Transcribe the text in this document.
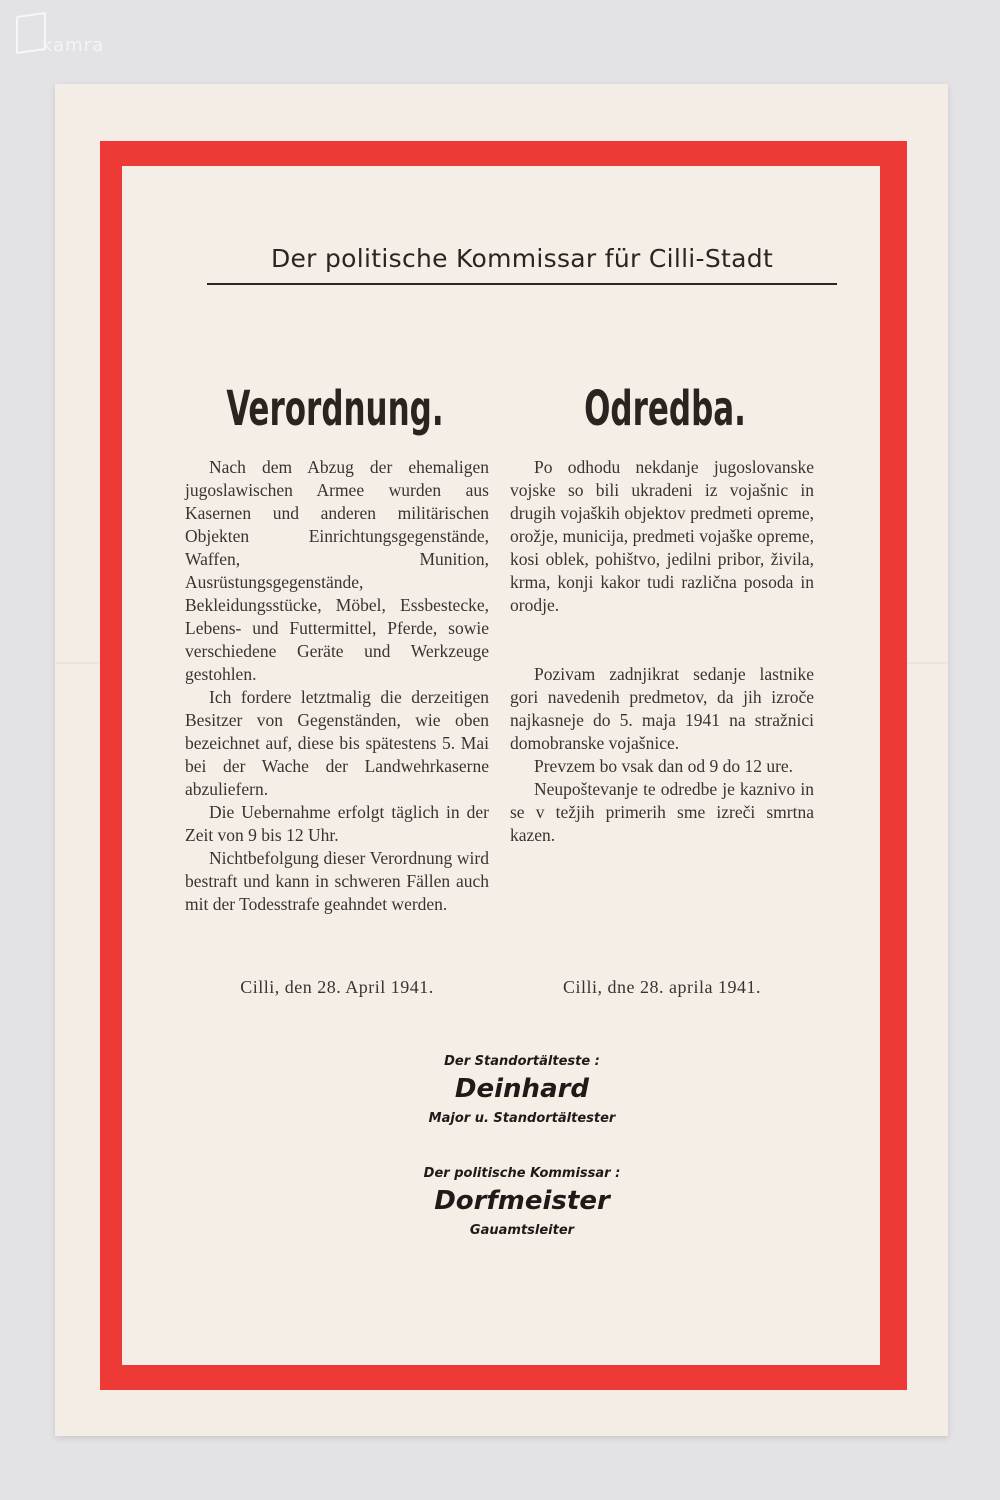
kamra
Der politische Kommissar für Cilli-Stadt
Verordnung.	Odredba.

Nach dem Abzug der ehemaligen jugoslawischen Armee wurden aus Kasernen und anderen militärischen Objekten Einrichtungsgegenstände, Waffen, Munition, Ausrüstungsgegenstände, Bekleidungsstücke, Möbel, Essbestecke, Lebens- und Futtermittel, Pferde, sowie verschiedene Geräte und Werkzeuge gestohlen.

Ich fordere letztmalig die derzeitigen Besitzer von Gegenständen, wie oben bezeichnet auf, diese bis spätestens 5. Mai bei der Wache der Landwehrkaserne abzuliefern.

Die Uebernahme erfolgt täglich in der Zeit von 9 bis 12 Uhr.

Nichtbefolgung dieser Verordnung wird bestraft und kann in schweren Fällen auch mit der Todesstrafe geahndet werden.

Po odhodu nekdanje jugoslovanske vojske so bili ukradeni iz vojašnic in drugih vojaških objektov predmeti opreme, orožje, municija, predmeti vojaške opreme, kosi oblek, pohištvo, jedilni pribor, živila, krma, konji kakor tudi različna posoda in orodje.

Pozivam zadnjikrat sedanje lastnike gori navedenih predmetov, da jih izroče najkasneje do 5. maja 1941 na stražnici domobranske vojašnice.

Prevzem bo vsak dan od 9 do 12 ure.

Neupoštevanje te odredbe je kaznivo in se v težjih primerih sme izreči smrtna kazen.

Cilli, den 28. April 1941.	Cilli, dne 28. aprila 1941.
Der Standortälteste :
Deinhard
Major u. Standortältester
Der politische Kommissar :
Dorfmeister
Gauamtsleiter
